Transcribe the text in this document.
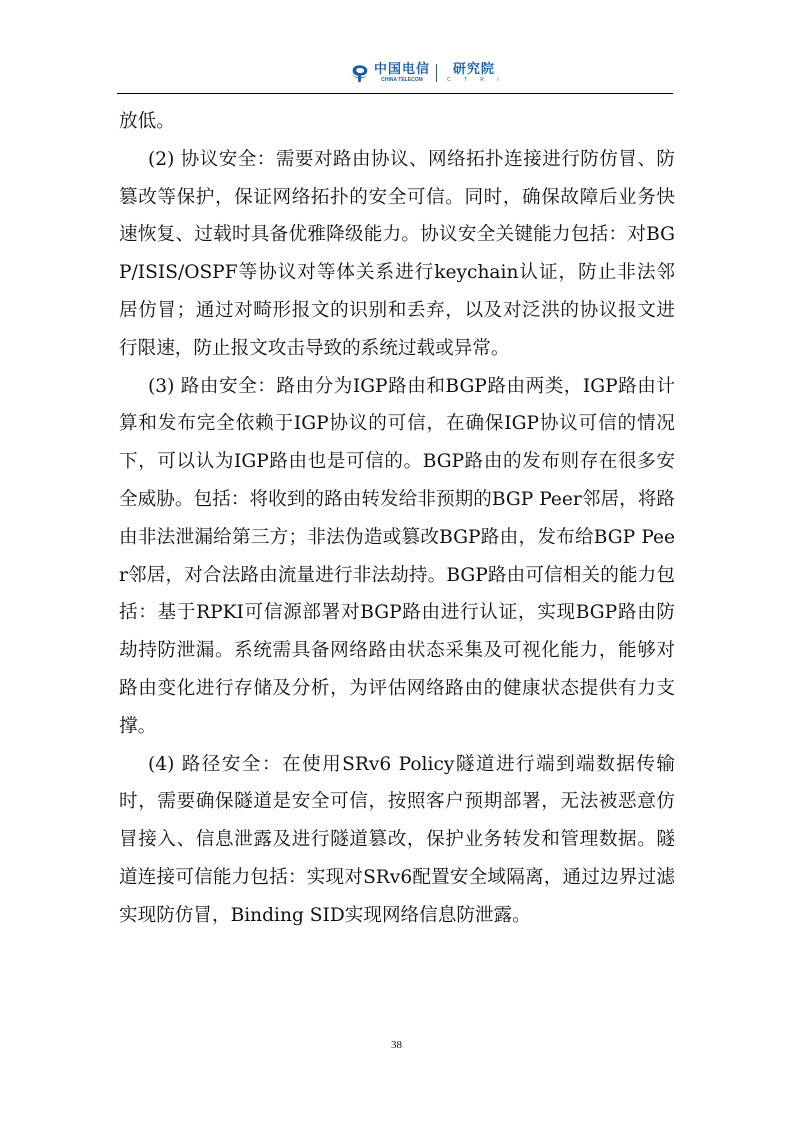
中国电信
CHINA TELECOM
研究院
C T R I

放低。

(2) 协议安全：需要对路由协议、网络拓扑连接进行防仿冒、防篡改等保护，保证网络拓扑的安全可信。同时，确保故障后业务快速恢复、过载时具备优雅降级能力。协议安全关键能力包括：对BGP/ISIS/OSPF等协议对等体关系进行keychain认证，防止非法邻居仿冒；通过对畸形报文的识别和丢弃，以及对泛洪的协议报文进行限速，防止报文攻击导致的系统过载或异常。

(3) 路由安全：路由分为IGP路由和BGP路由两类，IGP路由计算和发布完全依赖于IGP协议的可信，在确保IGP协议可信的情况下，可以认为IGP路由也是可信的。BGP路由的发布则存在很多安全威胁。包括：将收到的路由转发给非预期的BGP Peer邻居，将路由非法泄漏给第三方；非法伪造或篡改BGP路由，发布给BGP Peer邻居，对合法路由流量进行非法劫持。BGP路由可信相关的能力包括：基于RPKI可信源部署对BGP路由进行认证，实现BGP路由防劫持防泄漏。系统需具备网络路由状态采集及可视化能力，能够对路由变化进行存储及分析，为评估网络路由的健康状态提供有力支撑。

(4) 路径安全：在使用SRv6 Policy隧道进行端到端数据传输时，需要确保隧道是安全可信，按照客户预期部署，无法被恶意仿冒接入、信息泄露及进行隧道篡改，保护业务转发和管理数据。隧道连接可信能力包括：实现对SRv6配置安全域隔离，通过边界过滤实现防仿冒，Binding SID实现网络信息防泄露。

38
